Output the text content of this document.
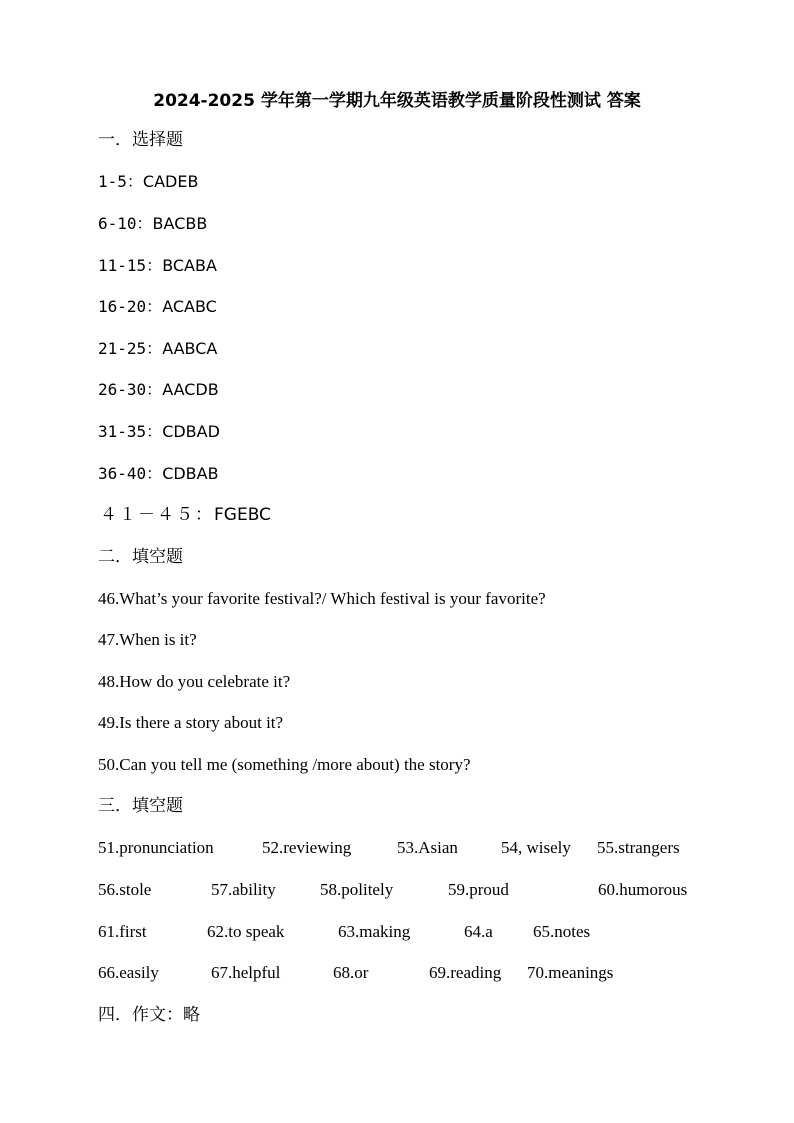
2024-2025 学年第一学期九年级英语教学质量阶段性测试 答案
一．选择题
1-5：CADEB
6-10：BACBB
11-15：BCABA
16-20：ACABC
21-25：AABCA
26-30：AACDB
31-35：CDBAD
36-40：CDBAB
４１－４５：FGEBC
二．填空题
46.What’s your favorite festival?/ Which festival is your favorite?
47.When is it?
48.How do you celebrate it?
49.Is there a story about it?
50.Can you tell me (something /more about) the story?
三．填空题
51.pronunciation	52.reviewing	53.Asian	54, wisely 55.strangers
56.stole	57.ability	58.politely	59.proud	60.humorous
61.first	62.to speak	63.making	64.a 65.notes
66.easily	67.helpful	68.or	69.reading 70.meanings
四．作文：略
